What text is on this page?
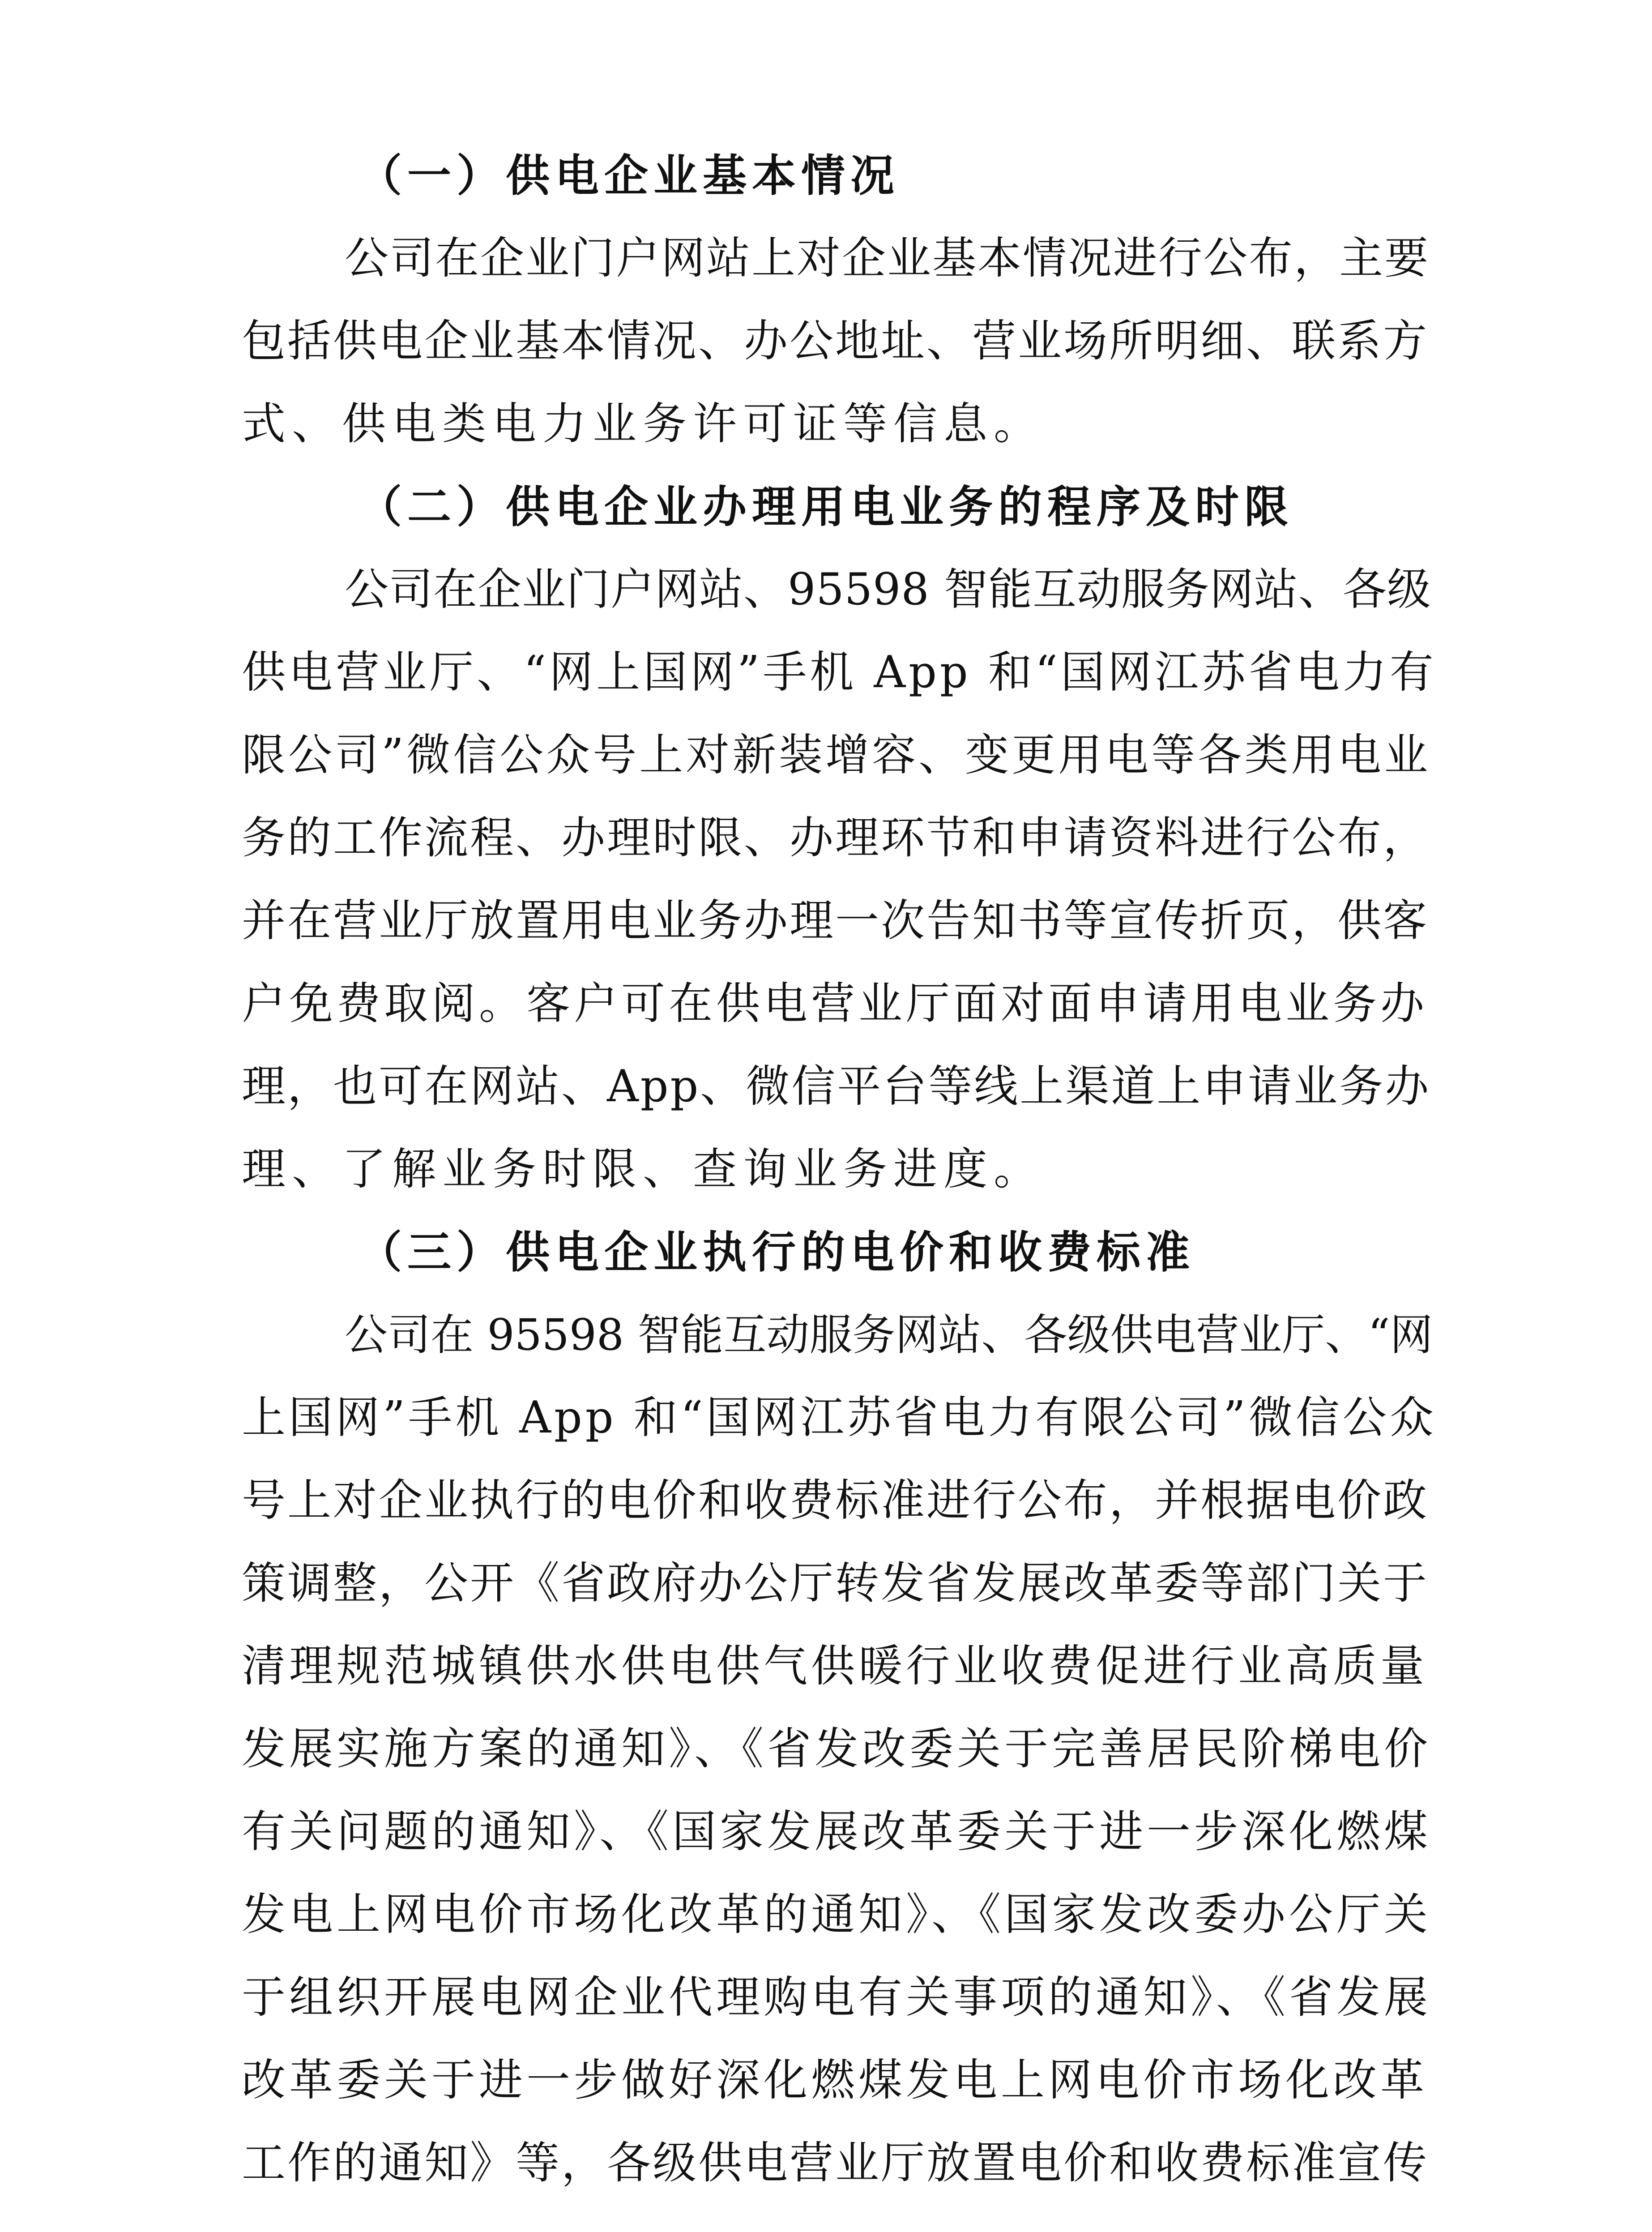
（一）供电企业基本情况
公司在企业门户网站上对企业基本情况进行公布，主要
包括供电企业基本情况、办公地址、营业场所明细、联系方
式、供电类电力业务许可证等信息。
（二）供电企业办理用电业务的程序及时限
公司在企业门户网站、95598 智能互动服务网站、各级
供电营业厅、“网上国网”手机 App 和“国网江苏省电力有
限公司”微信公众号上对新装增容、变更用电等各类用电业
务的工作流程、办理时限、办理环节和申请资料进行公布，
并在营业厅放置用电业务办理一次告知书等宣传折页，供客
户免费取阅。客户可在供电营业厅面对面申请用电业务办
理，也可在网站、App、微信平台等线上渠道上申请业务办
理、了解业务时限、查询业务进度。
（三）供电企业执行的电价和收费标准
公司在 95598 智能互动服务网站、各级供电营业厅、“网
上国网”手机 App 和“国网江苏省电力有限公司”微信公众
号上对企业执行的电价和收费标准进行公布，并根据电价政
策调整，公开《省政府办公厅转发省发展改革委等部门关于
清理规范城镇供水供电供气供暖行业收费促进行业高质量
发展实施方案的通知》、《省发改委关于完善居民阶梯电价
有关问题的通知》、《国家发展改革委关于进一步深化燃煤
发电上网电价市场化改革的通知》、《国家发改委办公厅关
于组织开展电网企业代理购电有关事项的通知》、《省发展
改革委关于进一步做好深化燃煤发电上网电价市场化改革
工作的通知》等，各级供电营业厅放置电价和收费标准宣传
